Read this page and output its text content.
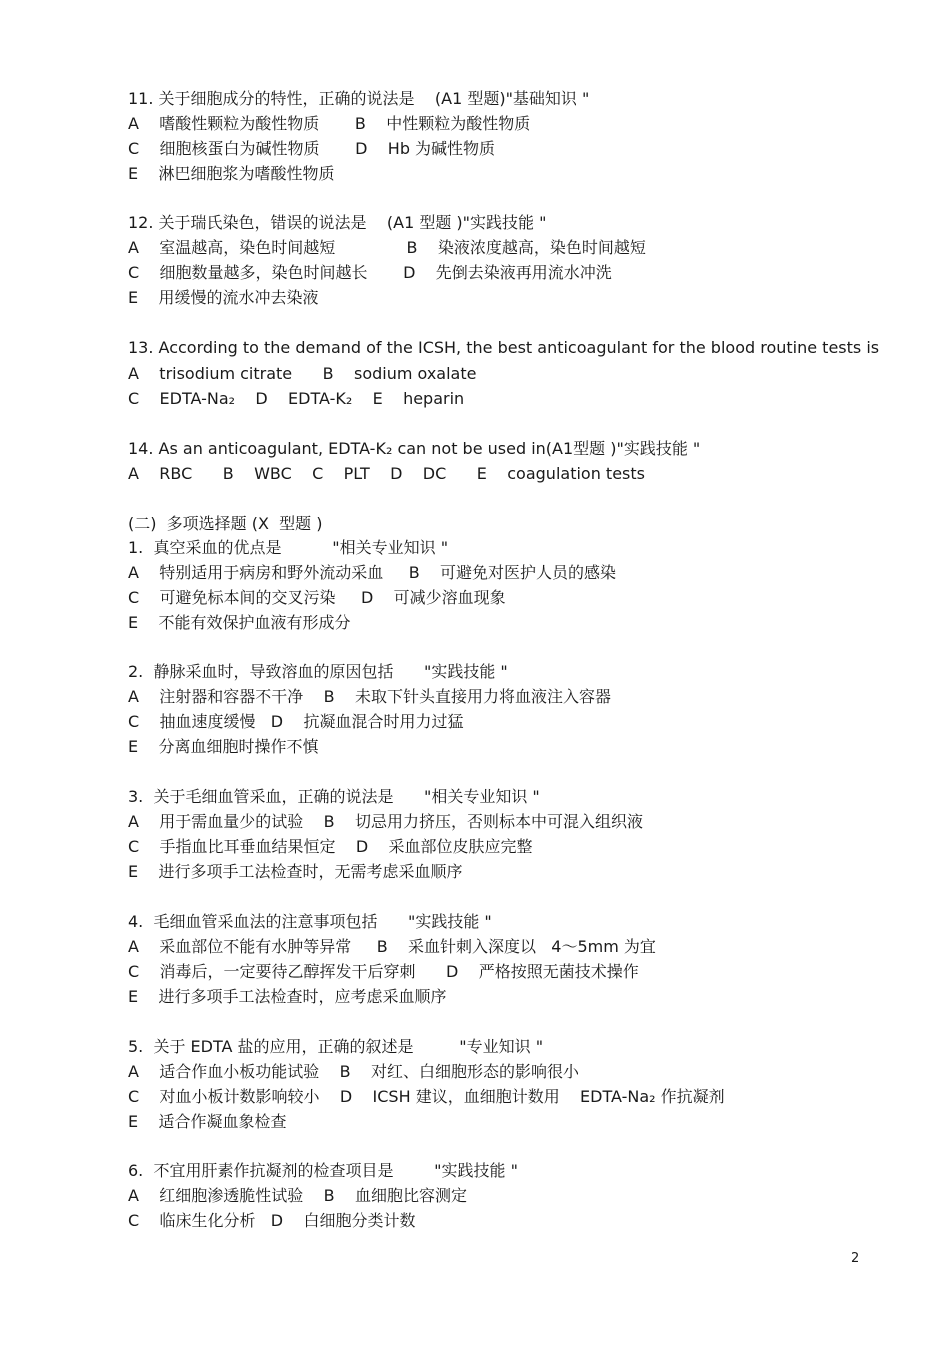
11. 关于细胞成分的特性，正确的说法是    (A1 型题)"基础知识 "
A    嗜酸性颗粒为酸性物质       B    中性颗粒为酸性物质
C    细胞核蛋白为碱性物质       D    Hb 为碱性物质
E    淋巴细胞浆为嗜酸性物质
12. 关于瑞氏染色，错误的说法是    (A1 型题 )"实践技能 "
A    室温越高，染色时间越短              B    染液浓度越高，染色时间越短
C    细胞数量越多，染色时间越长       D    先倒去染液再用流水冲洗
E    用缓慢的流水冲去染液
13. According to the demand of the ICSH, the best anticoagulant for the blood routine tests is
A    trisodium citrate      B    sodium oxalate
C    EDTA-Na₂    D    EDTA-K₂    E    heparin
14. As an anticoagulant, EDTA-K₂ can not be used in(A1型题 )"实践技能 "
A    RBC      B    WBC    C    PLT    D    DC      E    coagulation tests
(二)  多项选择题 (X  型题 )
1.  真空采血的优点是          "相关专业知识 "
A    特别适用于病房和野外流动采血     B    可避免对医护人员的感染
C    可避免标本间的交叉污染     D    可减少溶血现象
E    不能有效保护血液有形成分
2.  静脉采血时，导致溶血的原因包括      "实践技能 "
A    注射器和容器不干净    B    未取下针头直接用力将血液注入容器
C    抽血速度缓慢   D    抗凝血混合时用力过猛
E    分离血细胞时操作不慎
3.  关于毛细血管采血，正确的说法是      "相关专业知识 "
A    用于需血量少的试验    B    切忌用力挤压，否则标本中可混入组织液
C    手指血比耳垂血结果恒定    D    采血部位皮肤应完整
E    进行多项手工法检查时，无需考虑采血顺序
4.  毛细血管采血法的注意事项包括      "实践技能 "
A    采血部位不能有水肿等异常     B    采血针刺入深度以   4～5mm 为宜
C    消毒后，一定要待乙醇挥发干后穿刺      D    严格按照无菌技术操作
E    进行多项手工法检查时，应考虑采血顺序
5.  关于 EDTA 盐的应用，正确的叙述是         "专业知识 "
A    适合作血小板功能试验    B    对红、白细胞形态的影响很小
C    对血小板计数影响较小    D    ICSH 建议，血细胞计数用    EDTA-Na₂ 作抗凝剂
E    适合作凝血象检查
6.  不宜用肝素作抗凝剂的检查项目是        "实践技能 "
A    红细胞渗透脆性试验    B    血细胞比容测定
C    临床生化分析   D    白细胞分类计数
2
